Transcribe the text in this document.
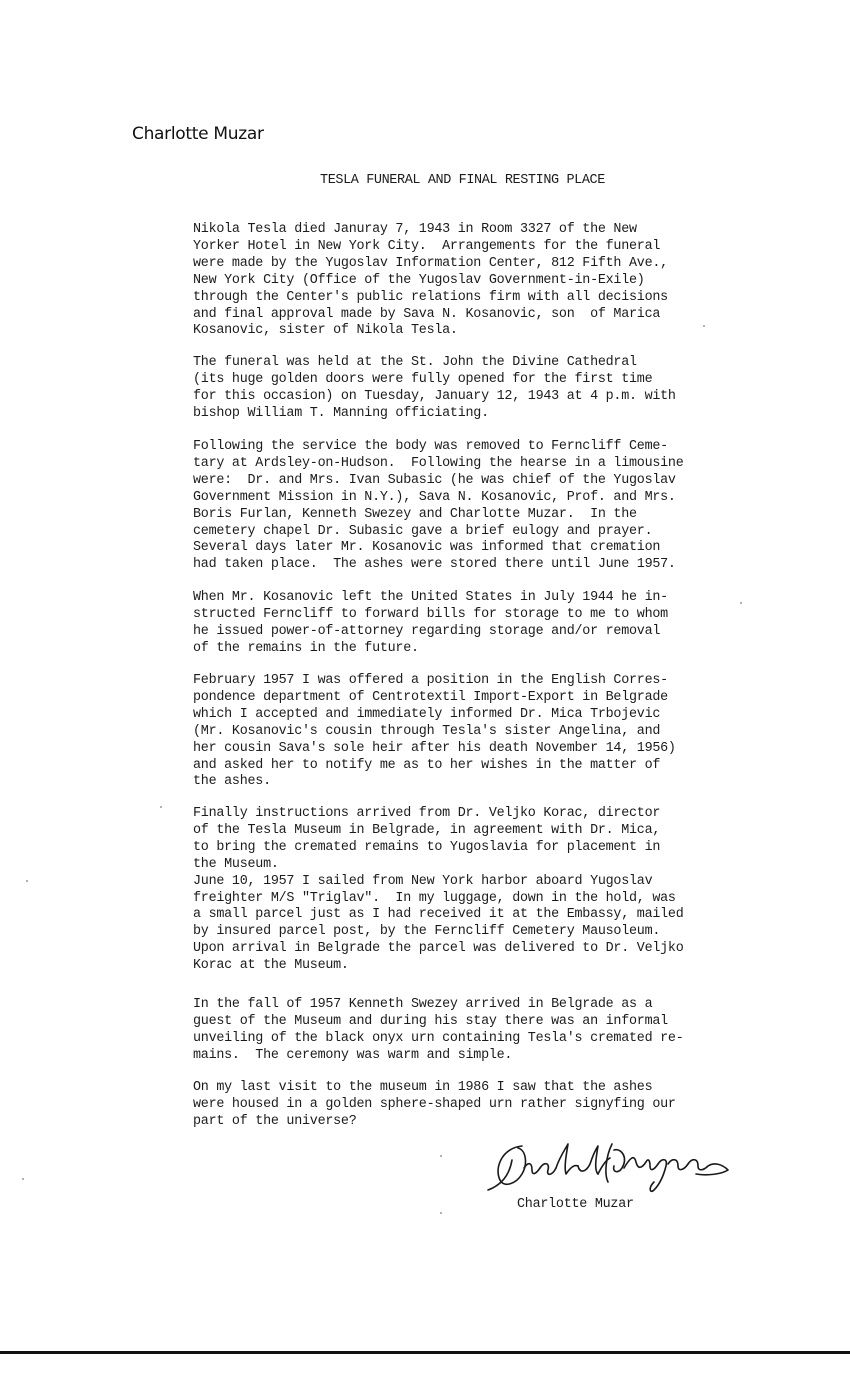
Charlotte Muzar
TESLA FUNERAL AND FINAL RESTING PLACE

Nikola Tesla died Januray 7, 1943 in Room 3327 of the New
Yorker Hotel in New York City.  Arrangements for the funeral
were made by the Yugoslav Information Center, 812 Fifth Ave.,
New York City (Office of the Yugoslav Government-in-Exile)
through the Center's public relations firm with all decisions
and final approval made by Sava N. Kosanovic, son  of Marica
Kosanovic, sister of Nikola Tesla.

The funeral was held at the St. John the Divine Cathedral
(its huge golden doors were fully opened for the first time
for this occasion) on Tuesday, January 12, 1943 at 4 p.m. with
bishop William T. Manning officiating.

Following the service the body was removed to Ferncliff Ceme-
tary at Ardsley-on-Hudson.  Following the hearse in a limousine
were:  Dr. and Mrs. Ivan Subasic (he was chief of the Yugoslav
Government Mission in N.Y.), Sava N. Kosanovic, Prof. and Mrs.
Boris Furlan, Kenneth Swezey and Charlotte Muzar.  In the
cemetery chapel Dr. Subasic gave a brief eulogy and prayer.
Several days later Mr. Kosanovic was informed that cremation
had taken place.  The ashes were stored there until June 1957.

When Mr. Kosanovic left the United States in July 1944 he in-
structed Ferncliff to forward bills for storage to me to whom
he issued power-of-attorney regarding storage and/or removal
of the remains in the future.

February 1957 I was offered a position in the English Corres-
pondence department of Centrotextil Import-Export in Belgrade
which I accepted and immediately informed Dr. Mica Trbojevic
(Mr. Kosanovic's cousin through Tesla's sister Angelina, and
her cousin Sava's sole heir after his death November 14, 1956)
and asked her to notify me as to her wishes in the matter of
the ashes.

Finally instructions arrived from Dr. Veljko Korac, director
of the Tesla Museum in Belgrade, in agreement with Dr. Mica,
to bring the cremated remains to Yugoslavia for placement in
the Museum.
June 10, 1957 I sailed from New York harbor aboard Yugoslav
freighter M/S "Triglav".  In my luggage, down in the hold, was
a small parcel just as I had received it at the Embassy, mailed
by insured parcel post, by the Ferncliff Cemetery Mausoleum.
Upon arrival in Belgrade the parcel was delivered to Dr. Veljko
Korac at the Museum.

In the fall of 1957 Kenneth Swezey arrived in Belgrade as a
guest of the Museum and during his stay there was an informal
unveiling of the black onyx urn containing Tesla's cremated re-
mains.  The ceremony was warm and simple.

On my last visit to the museum in 1986 I saw that the ashes
were housed in a golden sphere-shaped urn rather signyfing our
part of the universe?

Charlotte Muzar
